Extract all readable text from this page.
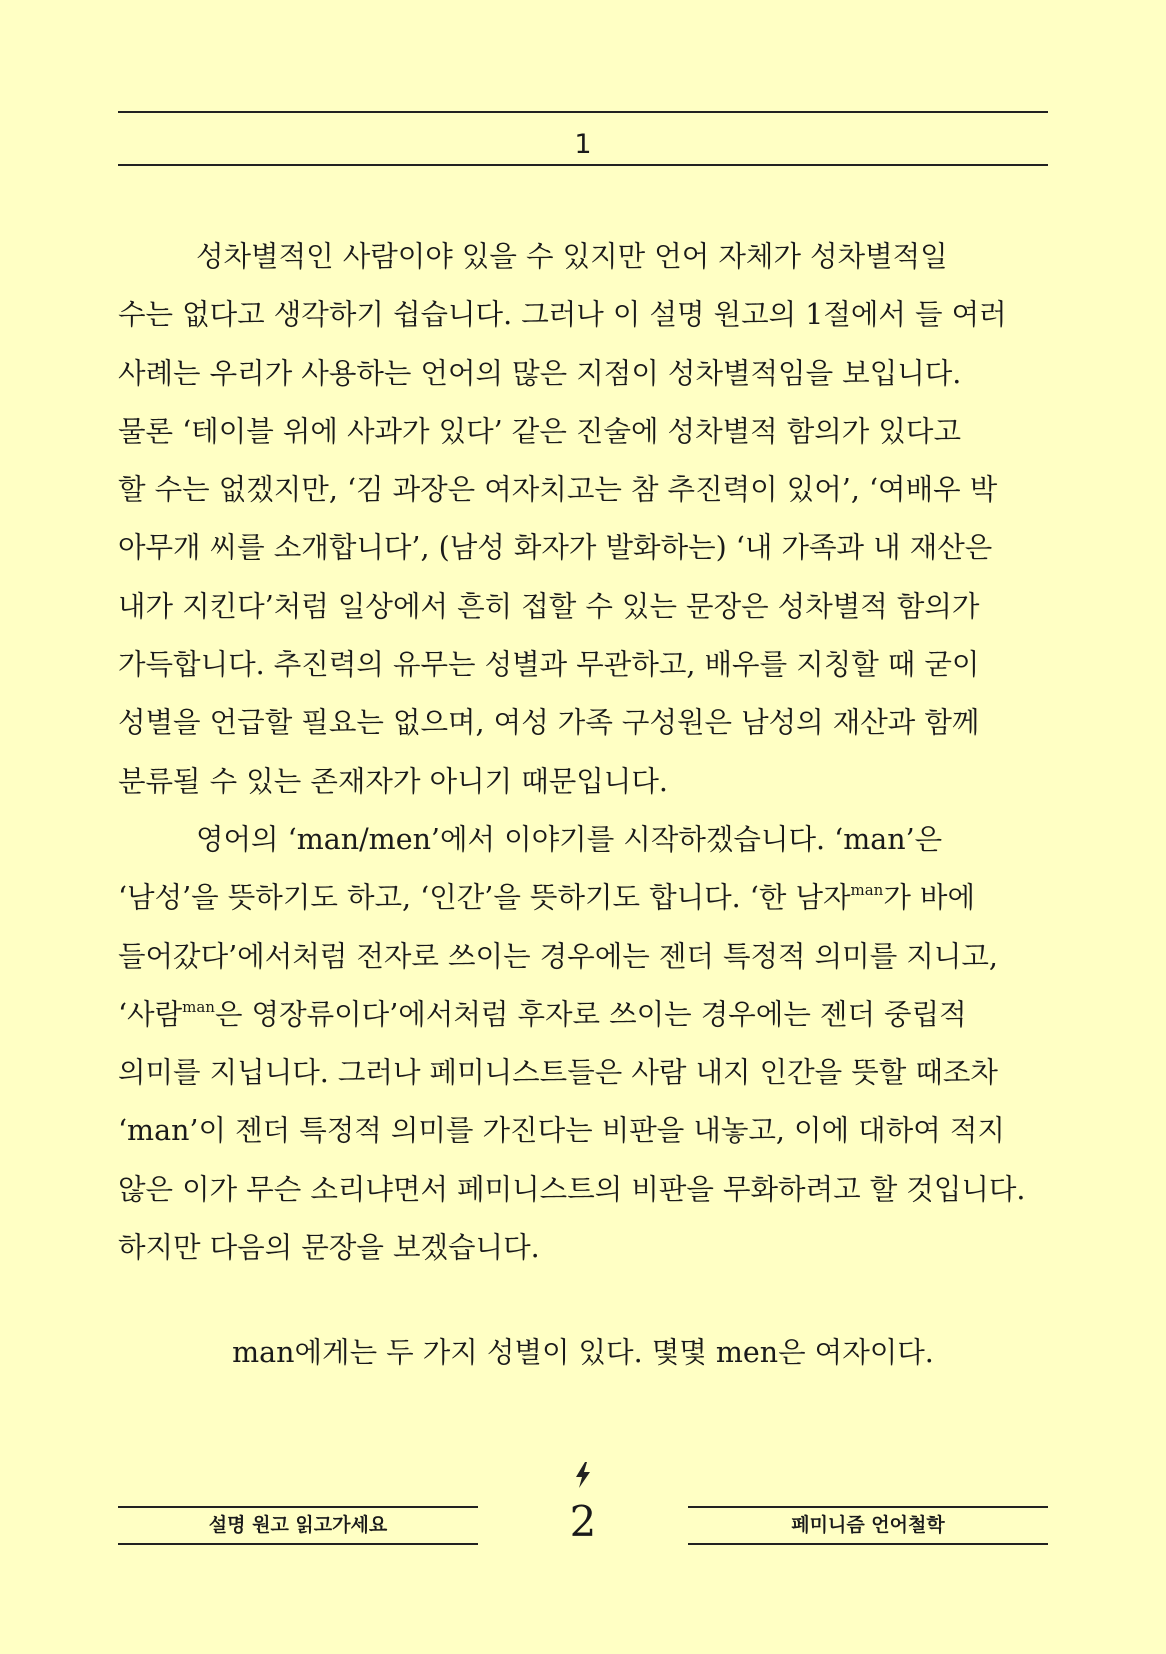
1
성차별적인 사람이야 있을 수 있지만 언어 자체가 성차별적일
수는 없다고 생각하기 쉽습니다. 그러나 이 설명 원고의 1절에서 들 여러
사례는 우리가 사용하는 언어의 많은 지점이 성차별적임을 보입니다.
물론 ‘테이블 위에 사과가 있다’ 같은 진술에 성차별적 함의가 있다고
할 수는 없겠지만, ‘김 과장은 여자치고는 참 추진력이 있어’, ‘여배우 박
아무개 씨를 소개합니다’, (남성 화자가 발화하는) ‘내 가족과 내 재산은
내가 지킨다’처럼 일상에서 흔히 접할 수 있는 문장은 성차별적 함의가
가득합니다. 추진력의 유무는 성별과 무관하고, 배우를 지칭할 때 굳이
성별을 언급할 필요는 없으며, 여성 가족 구성원은 남성의 재산과 함께
분류될 수 있는 존재자가 아니기 때문입니다.
영어의 ‘man/men’에서 이야기를 시작하겠습니다. ‘man’은
‘남성’을 뜻하기도 하고, ‘인간’을 뜻하기도 합니다. ‘한 남자$^{man}$가 바에
들어갔다’에서처럼 전자로 쓰이는 경우에는 젠더 특정적 의미를 지니고,
‘사람$^{man}$은 영장류이다’에서처럼 후자로 쓰이는 경우에는 젠더 중립적
의미를 지닙니다. 그러나 페미니스트들은 사람 내지 인간을 뜻할 때조차
‘man’이 젠더 특정적 의미를 가진다는 비판을 내놓고, 이에 대하여 적지
않은 이가 무슨 소리냐면서 페미니스트의 비판을 무화하려고 할 것입니다.
하지만 다음의 문장을 보겠습니다.
man에게는 두 가지 성별이 있다. 몇몇 men은 여자이다.
설명 원고 읽고가세요	2	페미니즘 언어철학
